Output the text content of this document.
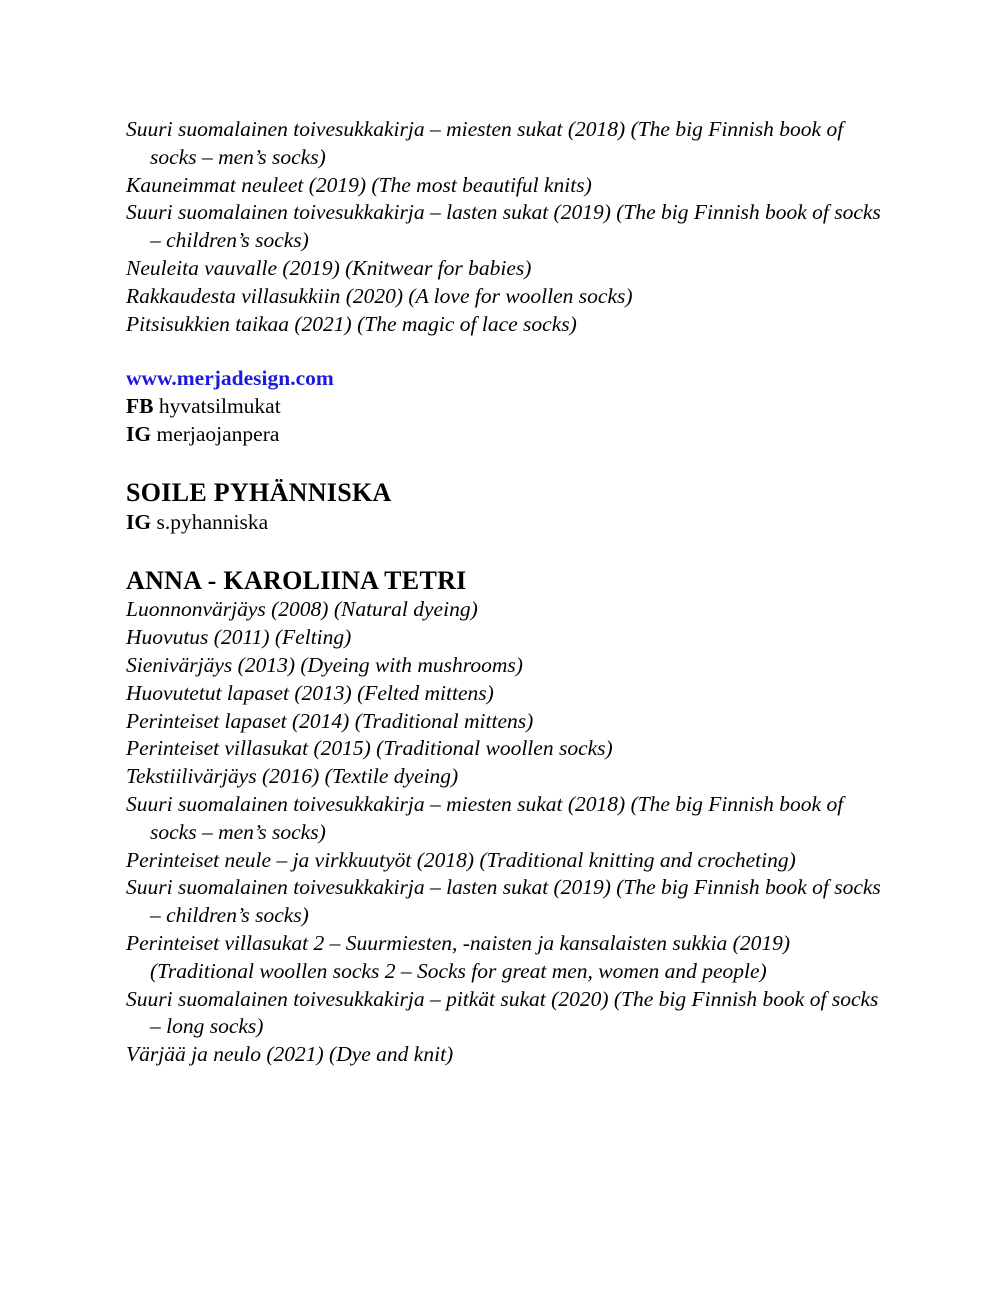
Suuri suomalainen toivesukkakirja – miesten sukat (2018) (The big Finnish book of socks – men’s socks)

Kauneimmat neuleet (2019) (The most beautiful knits)

Suuri suomalainen toivesukkakirja – lasten sukat (2019) (The big Finnish book of socks – children’s socks)

Neuleita vauvalle (2019) (Knitwear for babies)

Rakkaudesta villasukkiin (2020) (A love for woollen socks)

Pitsisukkien taikaa (2021) (The magic of lace socks)

www.merjadesign.com

FB hyvatsilmukat

IG merjaojanpera

SOILE PYHÄNNISKA

IG s.pyhanniska

ANNA - KAROLIINA TETRI

Luonnonvärjäys (2008) (Natural dyeing)

Huovutus (2011) (Felting)

Sienivärjäys (2013) (Dyeing with mushrooms)

Huovutetut lapaset (2013) (Felted mittens)

Perinteiset lapaset (2014) (Traditional mittens)

Perinteiset villasukat (2015) (Traditional woollen socks)

Tekstiilivärjäys (2016) (Textile dyeing)

Suuri suomalainen toivesukkakirja – miesten sukat (2018) (The big Finnish book of socks – men’s socks)

Perinteiset neule – ja virkkuutyöt (2018) (Traditional knitting and crocheting)

Suuri suomalainen toivesukkakirja – lasten sukat (2019) (The big Finnish book of socks – children’s socks)

Perinteiset villasukat 2 – Suurmiesten, -naisten ja kansalaisten sukkia (2019) (Traditional woollen socks 2 – Socks for great men, women and people)

Suuri suomalainen toivesukkakirja – pitkät sukat (2020) (The big Finnish book of socks – long socks)

Värjää ja neulo (2021) (Dye and knit)
